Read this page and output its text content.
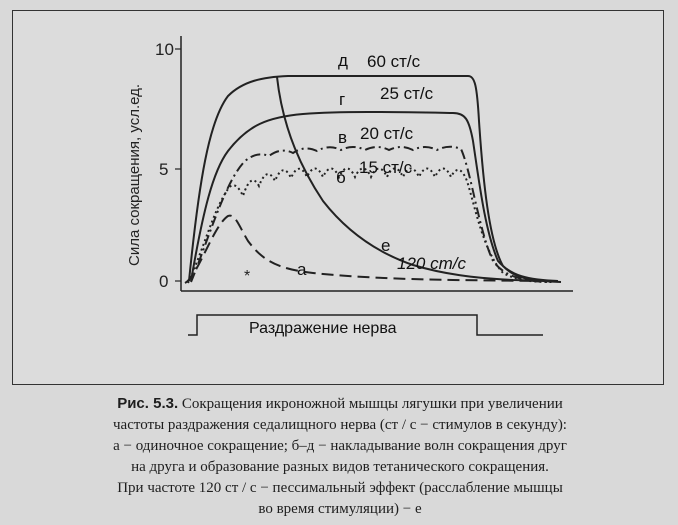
10
5
0
Сила сокращения, усл.ед.
д 60 ст/с
г 25 ст/с
в 20 ст/с
б
15 ст/с
е
120 ст/с
а
*
Раздражение нерва
Рис. 5.3. Сокращения икроножной мышцы лягушки при увеличении
частоты раздражения седалищного нерва (ст / с − стимулов в секунду):
а − одиночное сокращение; б–д − накладывание волн сокращения друг
на друга и образование разных видов тетанического сокращения.
При частоте 120 ст / с − пессимальный эффект (расслабление мышцы
во время стимуляции) − е
